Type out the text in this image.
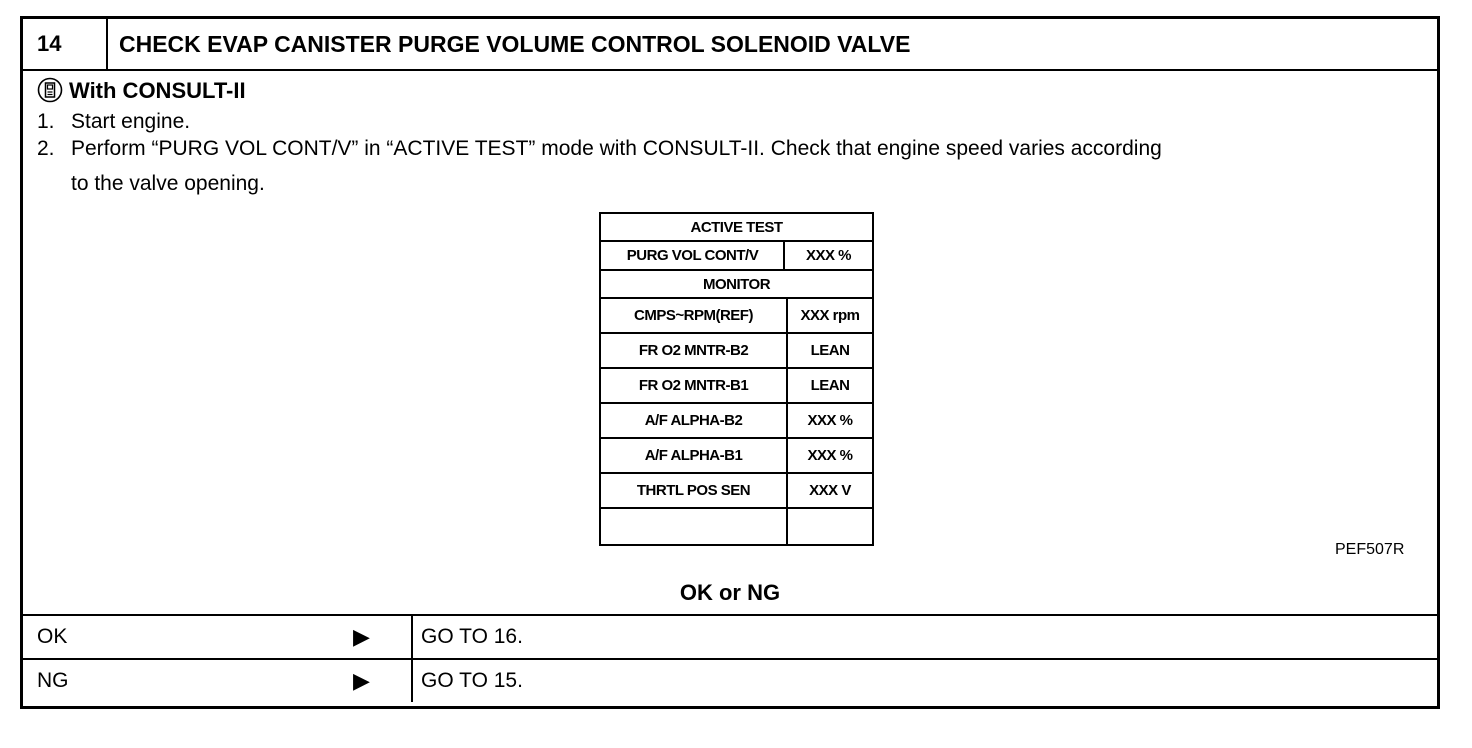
14	CHECK EVAP CANISTER PURGE VOLUME CONTROL SOLENOID VALVE
With CONSULT-II
1. Start engine.
2. Perform “PURG VOL CONT/V” in “ACTIVE TEST” mode with CONSULT-II. Check that engine speed varies according
to the valve opening.
ACTIVE TEST
PURG VOL CONT/V	XXX %
MONITOR
CMPS~RPM(REF)	XXX rpm
FR O2 MNTR-B2	LEAN
FR O2 MNTR-B1	LEAN
A/F ALPHA-B2	XXX %
A/F ALPHA-B1	XXX %
THRTL POS SEN	XXX V
PEF507R
OK or NG
OK	▶ GO TO 16.
NG	▶ GO TO 15.
